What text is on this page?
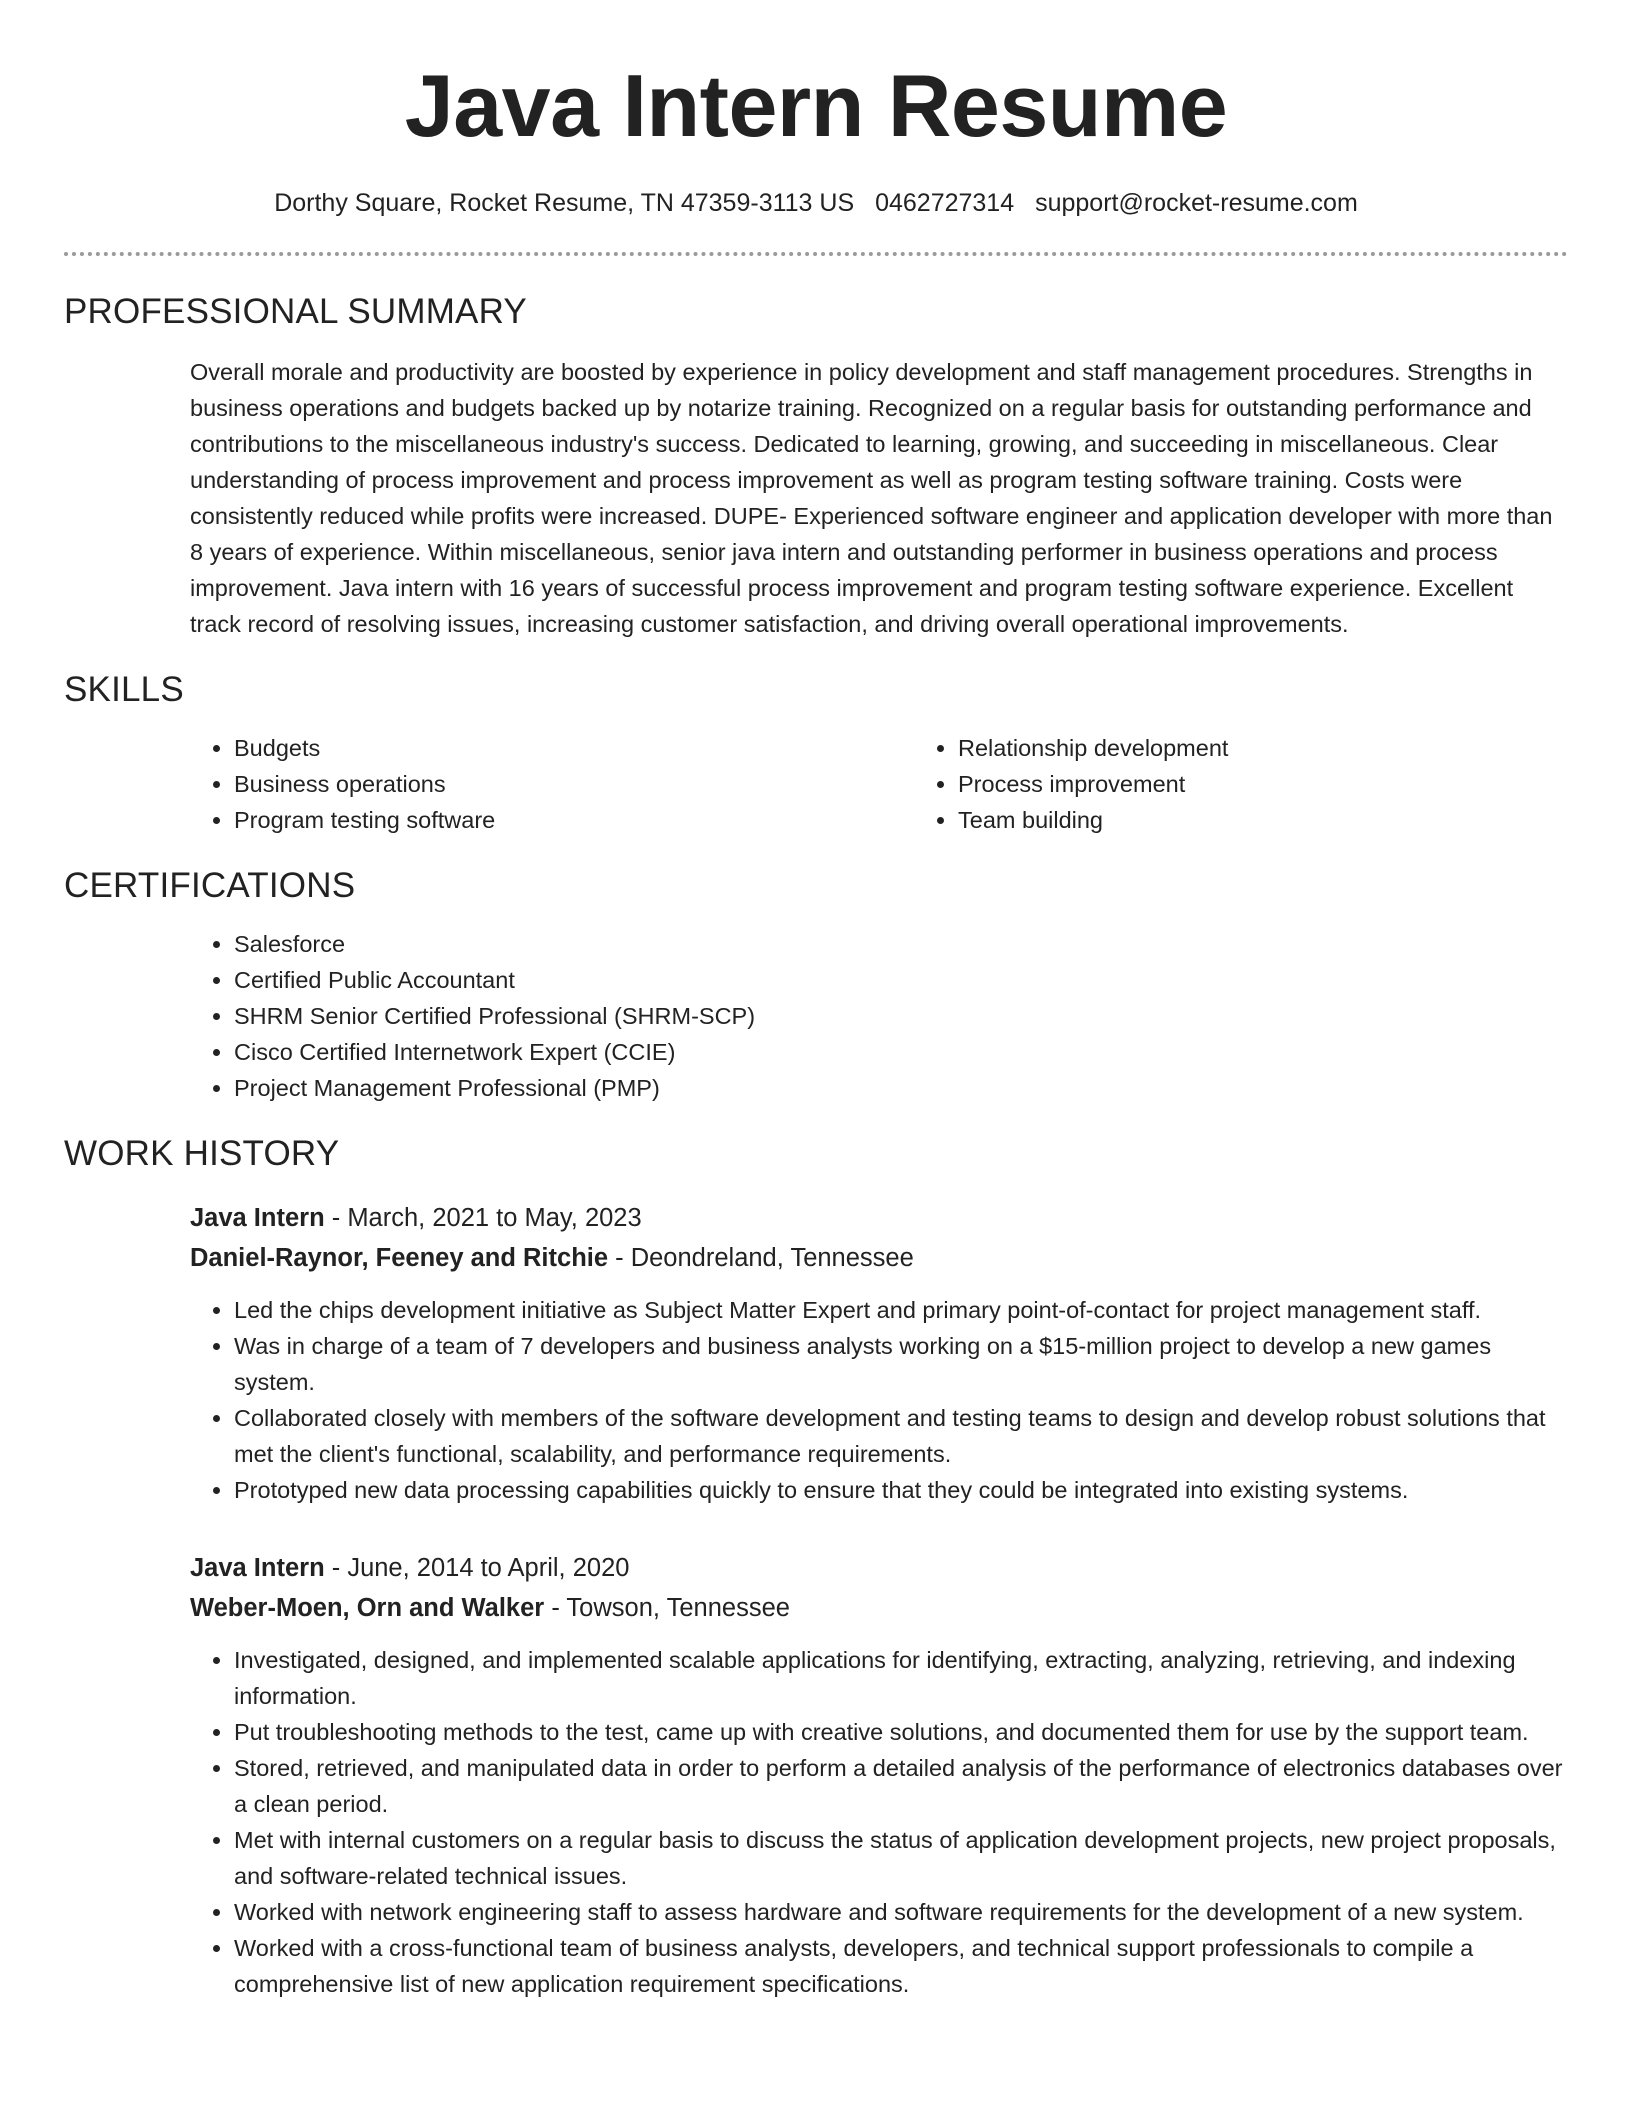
Java Intern Resume
Dorthy Square, Rocket Resume, TN 47359-3113 US 0462727314 support@rocket-resume.com
PROFESSIONAL SUMMARY

Overall morale and productivity are boosted by experience in policy development and staff management procedures. Strengths in business operations and budgets backed up by notarize training. Recognized on a regular basis for outstanding performance and contributions to the miscellaneous industry's success. Dedicated to learning, growing, and succeeding in miscellaneous. Clear understanding of process improvement and process improvement as well as program testing software training. Costs were consistently reduced while profits were increased. DUPE- Experienced software engineer and application developer with more than 8 years of experience. Within miscellaneous, senior java intern and outstanding performer in business operations and process improvement. Java intern with 16 years of successful process improvement and program testing software experience. Excellent track record of resolving issues, increasing customer satisfaction, and driving overall operational improvements.

SKILLS
• Budgets
• Business operations
• Program testing software
• Relationship development
• Process improvement
• Team building
CERTIFICATIONS
• Salesforce
• Certified Public Accountant
• SHRM Senior Certified Professional (SHRM-SCP)
• Cisco Certified Internetwork Expert (CCIE)
• Project Management Professional (PMP)
WORK HISTORY
Java Intern - March, 2021 to May, 2023
Daniel-Raynor, Feeney and Ritchie - Deondreland, Tennessee
• Led the chips development initiative as Subject Matter Expert and primary point-of-contact for project management staff.
• Was in charge of a team of 7 developers and business analysts working on a $15-million project to develop a new games system.
• Collaborated closely with members of the software development and testing teams to design and develop robust solutions that met the client's functional, scalability, and performance requirements.
• Prototyped new data processing capabilities quickly to ensure that they could be integrated into existing systems.
Java Intern - June, 2014 to April, 2020
Weber-Moen, Orn and Walker - Towson, Tennessee
• Investigated, designed, and implemented scalable applications for identifying, extracting, analyzing, retrieving, and indexing information.
• Put troubleshooting methods to the test, came up with creative solutions, and documented them for use by the support team.
• Stored, retrieved, and manipulated data in order to perform a detailed analysis of the performance of electronics databases over a clean period.
• Met with internal customers on a regular basis to discuss the status of application development projects, new project proposals, and software-related technical issues.
• Worked with network engineering staff to assess hardware and software requirements for the development of a new system.
• Worked with a cross-functional team of business analysts, developers, and technical support professionals to compile a comprehensive list of new application requirement specifications.
